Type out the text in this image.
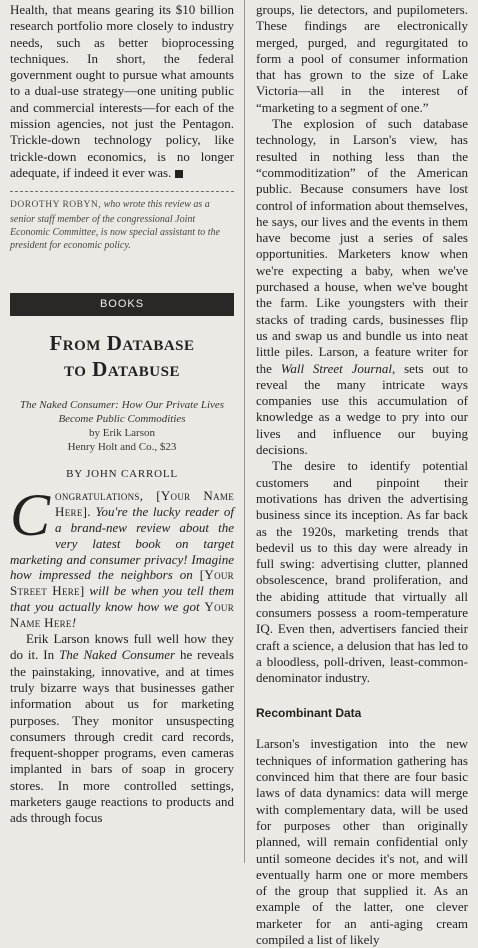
Health, that means gearing its $10 billion research portfolio more closely to industry needs, such as better bioprocessing techniques. In short, the federal government ought to pursue what amounts to a dual-use strategy—one uniting public and commercial interests—for each of the mission agencies, not just the Pentagon. Trickle-down technology policy, like trickle-down economics, is no longer adequate, if indeed it ever was.

DOROTHY ROBYN, who wrote this review as a senior staff member of the congressional Joint Economic Committee, is now special assistant to the president for economic policy.

BOOKS
From Database
to Databuse
The Naked Consumer: How Our Private Lives
Become Public Commodities
by Erik Larson
Henry Holt and Co., $23
BY JOHN CARROLL

Congratulations, [Your Name Here]. You're the lucky reader of a brand-new review about the very latest book on target marketing and consumer privacy! Imagine how impressed the neighbors on [Your Street Here] will be when you tell them that you actually know how we got Your Name Here!

Erik Larson knows full well how they do it. In The Naked Consumer he reveals the painstaking, innovative, and at times truly bizarre ways that businesses gather information about us for marketing purposes. They monitor unsuspecting consumers through credit card records, frequent-shopper programs, even cameras implanted in bars of soap in grocery stores. In more controlled settings, marketers gauge reactions to products and ads through focus

groups, lie detectors, and pupilometers. These findings are electronically merged, purged, and regurgitated to form a pool of consumer information that has grown to the size of Lake Victoria—all in the interest of “marketing to a segment of one.”

The explosion of such database technology, in Larson's view, has resulted in nothing less than the “commoditization” of the American public. Because consumers have lost control of information about themselves, he says, our lives and the events in them have become just a series of sales opportunities. Marketers know when we're expecting a baby, when we've purchased a house, when we've bought the farm. Like youngsters with their stacks of trading cards, businesses flip us and swap us and bundle us into neat little piles. Larson, a feature writer for the Wall Street Journal, sets out to reveal the many intricate ways companies use this accumulation of knowledge as a wedge to pry into our lives and influence our buying decisions.

The desire to identify potential customers and pinpoint their motivations has driven the advertising business since its inception. As far back as the 1920s, marketing trends that bedevil us to this day were already in full swing: advertising clutter, planned obsolescence, brand proliferation, and the abiding attitude that virtually all consumers possess a room-temperature IQ. Even then, advertisers fancied their craft a science, a delusion that has led to a bloodless, poll-driven, least-common-denominator industry.

Recombinant Data

Larson's investigation into the new techniques of information gathering has convinced him that there are four basic laws of data dynamics: data will merge with complementary data, will be used for purposes other than originally planned, will remain confidential only until someone decides it's not, and will eventually harm one or more members of the group that supplied it. As an example of the latter, one clever marketer for an anti-aging cream compiled a list of likely
